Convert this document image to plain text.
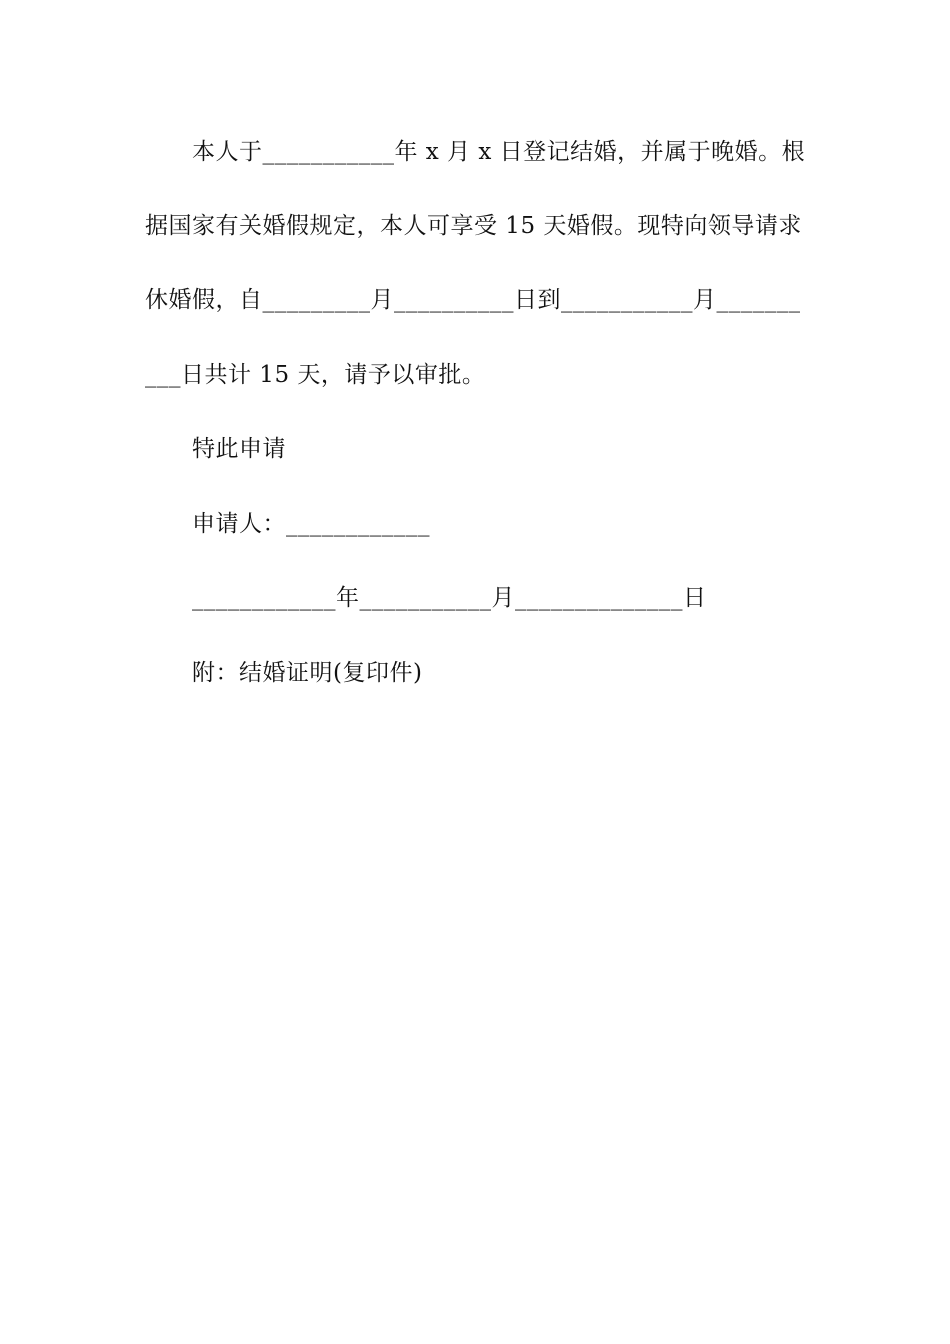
本人于___________年 x 月 x 日登记结婚，并属于晚婚。根
据国家有关婚假规定，本人可享受 15 天婚假。现特向领导请求
休婚假，自_________月__________日到___________月_______
___日共计 15 天，请予以审批。
特此申请
申请人：____________
____________年___________月______________日
附：结婚证明(复印件)
